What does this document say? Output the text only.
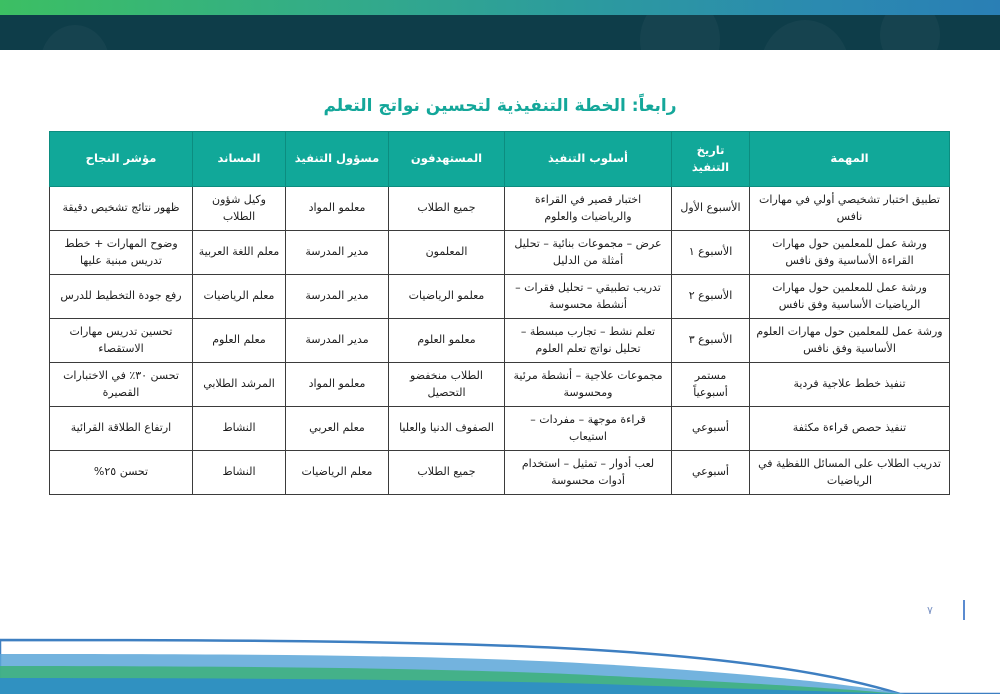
رابعاً: الخطة التنفيذية لتحسين نواتج التعلم
المهمة	تاريخ التنفيذ	أسلوب التنفيذ	المستهدفون	مسؤول التنفيذ	المساند	مؤشر النجاح
تطبيق اختبار تشخيصي أولي في مهارات نافس	الأسبوع الأول	اختبار قصير في القراءة والرياضيات والعلوم	جميع الطلاب	معلمو المواد	وكيل شؤون الطلاب	ظهور نتائج تشخيص دقيقة
ورشة عمل للمعلمين حول مهارات القراءة الأساسية وفق نافس	الأسبوع ١	عرض – مجموعات بنائية – تحليل أمثلة من الدليل	المعلمون	مدير المدرسة	معلم اللغة العربية	وضوح المهارات + خطط تدريس مبنية عليها
ورشة عمل للمعلمين حول مهارات الرياضيات الأساسية وفق نافس	الأسبوع ٢	تدريب تطبيقي – تحليل فقرات – أنشطة محسوسة	معلمو الرياضيات	مدير المدرسة	معلم الرياضيات	رفع جودة التخطيط للدرس
ورشة عمل للمعلمين حول مهارات العلوم الأساسية وفق نافس	الأسبوع ٣	تعلم نشط – تجارب مبسطة – تحليل نواتج تعلم العلوم	معلمو العلوم	مدير المدرسة	معلم العلوم	تحسين تدريس مهارات الاستقصاء
تنفيذ خطط علاجية فردية	مستمر أسبوعياً	مجموعات علاجية – أنشطة مرئية ومحسوسة	الطلاب منخفضو التحصيل	معلمو المواد	المرشد الطلابي	تحسن ٣٠٪ في الاختبارات القصيرة
تنفيذ حصص قراءة مكثفة	أسبوعي	قراءة موجهة – مفردات – استيعاب	الصفوف الدنيا والعليا	معلم العربي	النشاط	ارتفاع الطلاقة القرائية
تدريب الطلاب على المسائل اللفظية في الرياضيات	أسبوعي	لعب أدوار – تمثيل – استخدام أدوات محسوسة	جميع الطلاب	معلم الرياضيات	النشاط	تحسن ٢٥%
٧
